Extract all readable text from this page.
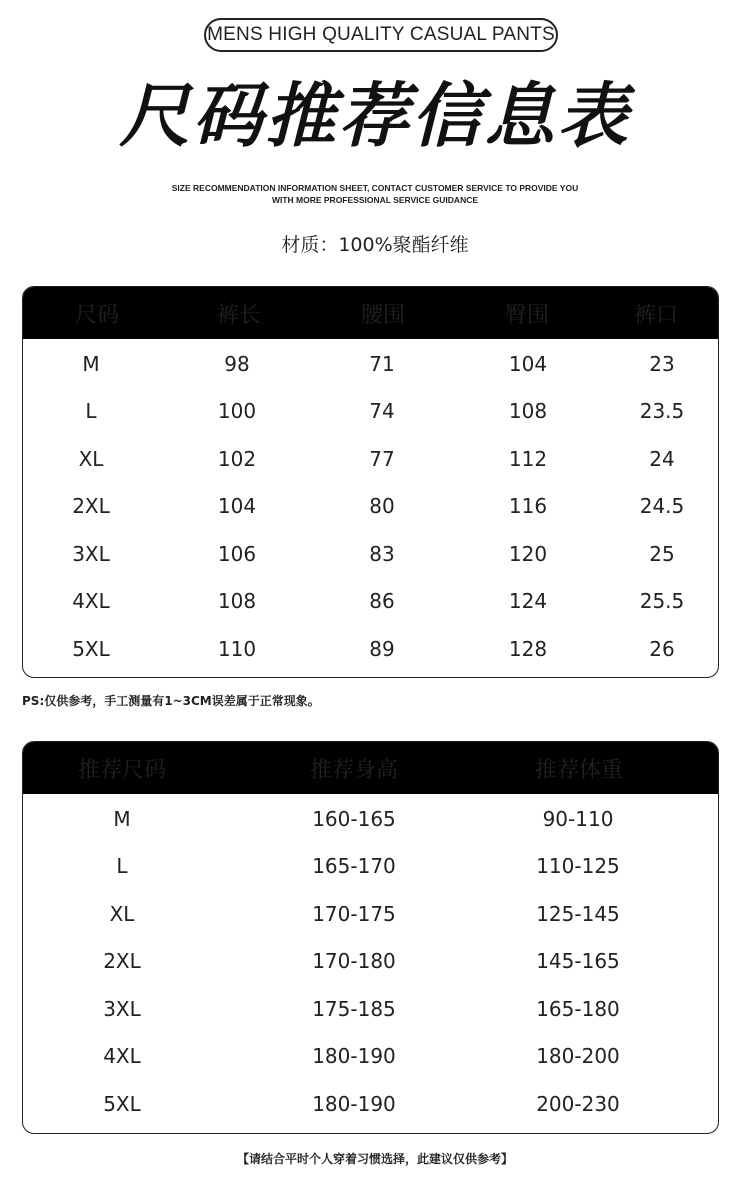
MENS HIGH QUALITY CASUAL PANTS
尺码推荐信息表
SIZE RECOMMENDATION INFORMATION SHEET, CONTACT CUSTOMER SERVICE TO PROVIDE YOU
WITH MORE PROFESSIONAL SERVICE GUIDANCE
材质：100%聚酯纤维
尺码	裤长	腰围	臀围	裤口
M	98	71	104	23
L	100	74	108	23.5
XL	102	77	112	24
2XL	104	80	116	24.5
3XL	106	83	120	25
4XL	108	86	124	25.5
5XL	110	89	128	26
PS:仅供参考，手工测量有1~3CM误差属于正常现象。
推荐尺码	推荐身高	推荐体重
M	160-165	90-110
L	165-170	110-125
XL	170-175	125-145
2XL	170-180	145-165
3XL	175-185	165-180
4XL	180-190	180-200
5XL	180-190	200-230
【请结合平时个人穿着习惯选择，此建议仅供参考】
